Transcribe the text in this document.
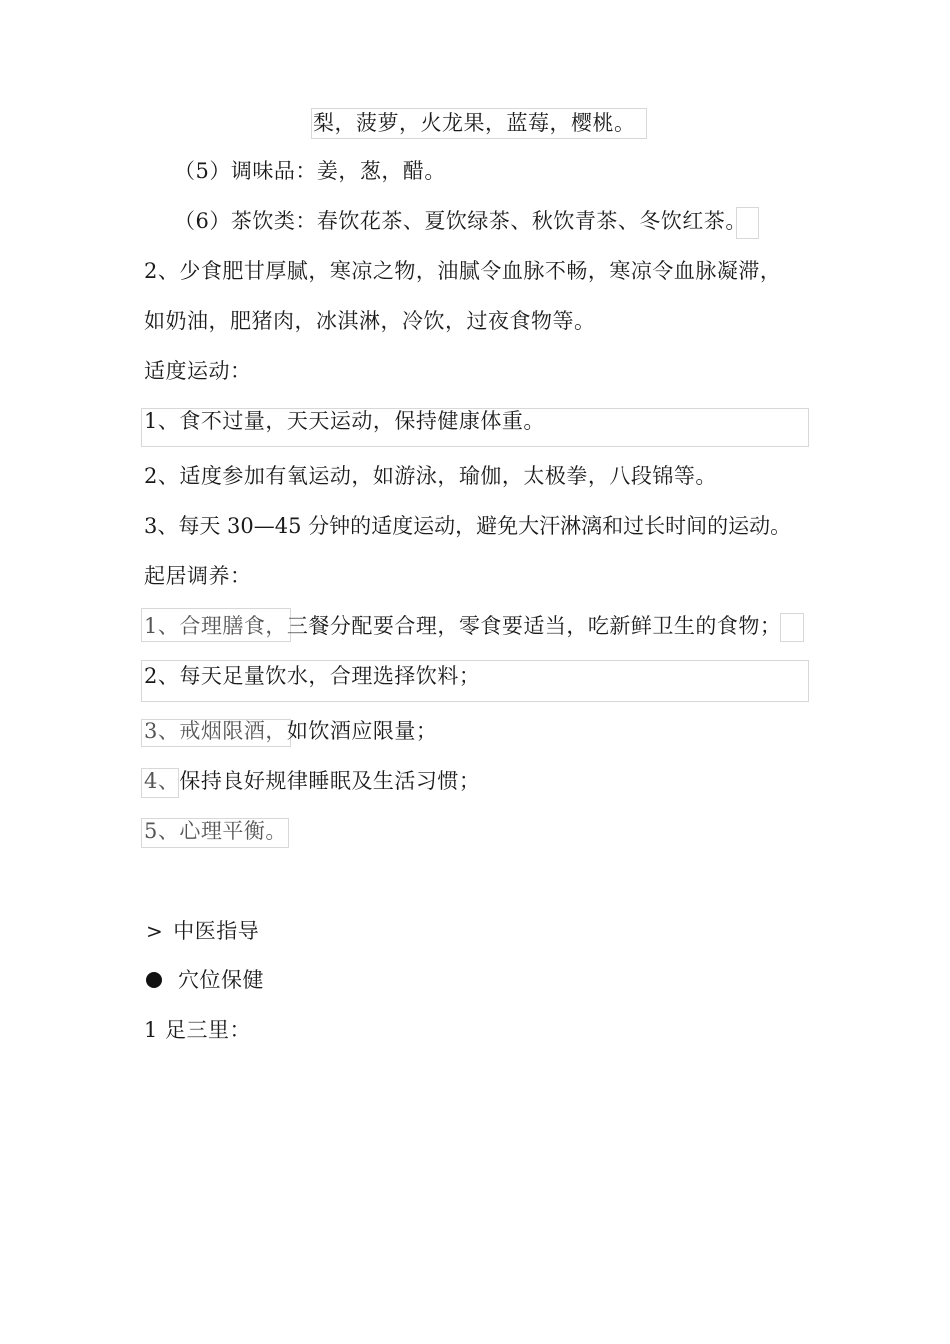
梨，菠萝，火龙果，蓝莓，樱桃。
（5）调味品：姜，葱，醋。
（6）茶饮类：春饮花茶、夏饮绿茶、秋饮青茶、冬饮红茶。
2、少食肥甘厚腻，寒凉之物，油腻令血脉不畅，寒凉令血脉凝滞，
如奶油，肥猪肉，冰淇淋，冷饮，过夜食物等。
适度运动：
1、食不过量，天天运动，保持健康体重。
2、适度参加有氧运动，如游泳，瑜伽，太极拳，八段锦等。
3、每天 30—45 分钟的适度运动，避免大汗淋漓和过长时间的运动。
起居调养：
1、合理膳食，三餐分配要合理，零食要适当，吃新鲜卫生的食物；
2、每天足量饮水，合理选择饮料；
3、戒烟限酒，如饮酒应限量；
4、保持良好规律睡眠及生活习惯；
5、心理平衡。
> 中医指导
穴位保健
1 足三里：
